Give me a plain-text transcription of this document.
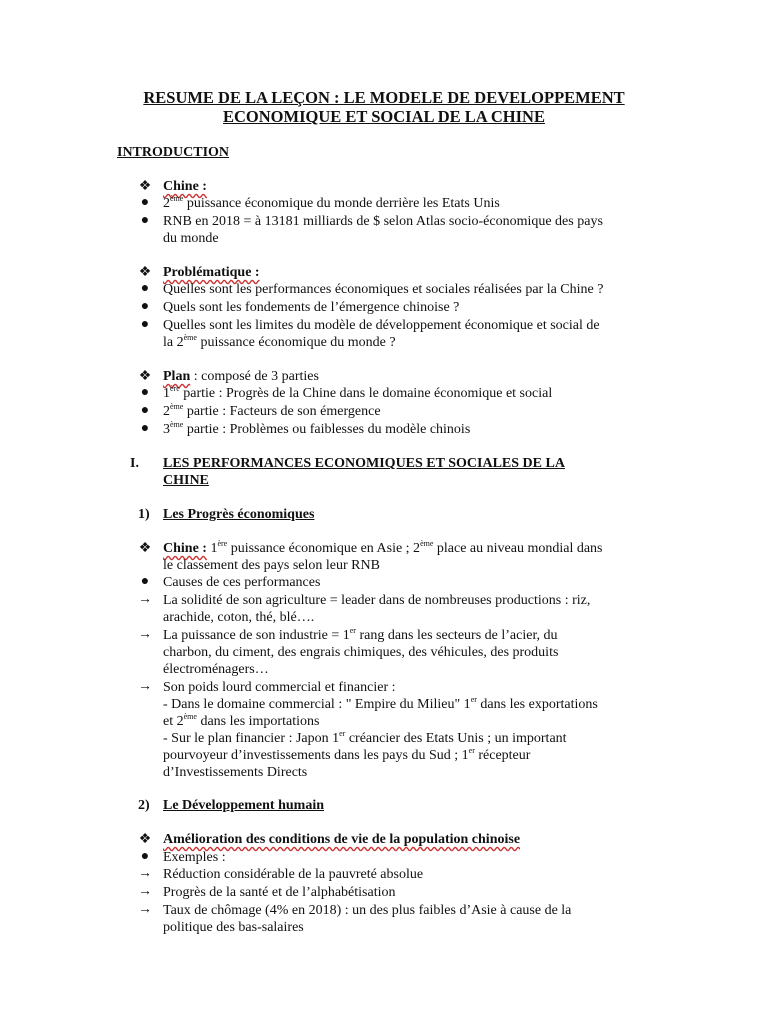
RESUME DE LA LEÇON : LE MODELE DE DEVELOPPEMENT
ECONOMIQUE ET SOCIAL DE LA CHINE
INTRODUCTION
❖ Chine :
● 2ème puissance économique du monde derrière les Etats Unis
● RNB en 2018 = à 13181 milliards de $ selon Atlas socio-économique des pays
du monde
❖ Problématique :
● Quelles sont les performances économiques et sociales réalisées par la Chine ?
● Quels sont les fondements de l’émergence chinoise ?
● Quelles sont les limites du modèle de développement économique et social de
la 2ème puissance économique du monde ?
❖ Plan : composé de 3 parties
● 1ère partie : Progrès de la Chine dans le domaine économique et social
● 2ème partie : Facteurs de son émergence
● 3ème partie : Problèmes ou faiblesses du modèle chinois
I. LES PERFORMANCES ECONOMIQUES ET SOCIALES DE LA
CHINE
1) Les Progrès économiques
❖ Chine : 1ère puissance économique en Asie ; 2ème place au niveau mondial dans
le classement des pays selon leur RNB
● Causes de ces performances
→ La solidité de son agriculture = leader dans de nombreuses productions : riz,
arachide, coton, thé, blé….
→ La puissance de son industrie = 1er rang dans les secteurs de l’acier, du
charbon, du ciment, des engrais chimiques, des véhicules, des produits
électroménagers…
→ Son poids lourd commercial et financier :
- Dans le domaine commercial : " Empire du Milieu" 1er dans les exportations
et 2ème dans les importations
- Sur le plan financier : Japon 1er créancier des Etats Unis ; un important
pourvoyeur d’investissements dans les pays du Sud ; 1er récepteur
d’Investissements Directs
2) Le Développement humain
❖ Amélioration des conditions de vie de la population chinoise
● Exemples :
→ Réduction considérable de la pauvreté absolue
→ Progrès de la santé et de l’alphabétisation
→ Taux de chômage (4% en 2018) : un des plus faibles d’Asie à cause de la
politique des bas-salaires
